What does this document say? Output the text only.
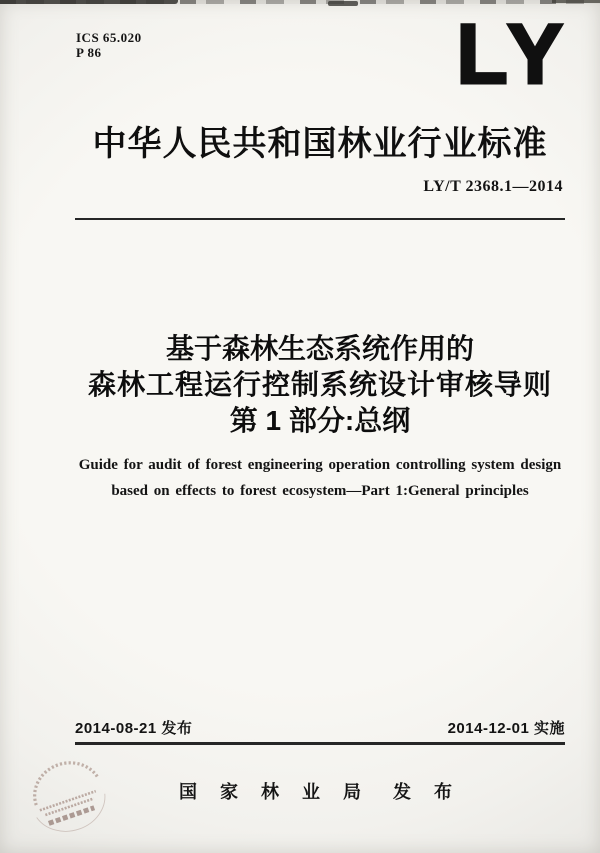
ICS 65.020
P 86	LY
中华人民共和国林业行业标准
LY/T 2368.1—2014
基于森林生态系统作用的
森林工程运行控制系统设计审核导则
第 1 部分:总纲
Guide for audit of forest engineering operation controlling system design
based on effects to forest ecosystem—Part 1:General principles
2014-08-21 发布	2014-12-01 实施
国 家 林 业 局 发 布
